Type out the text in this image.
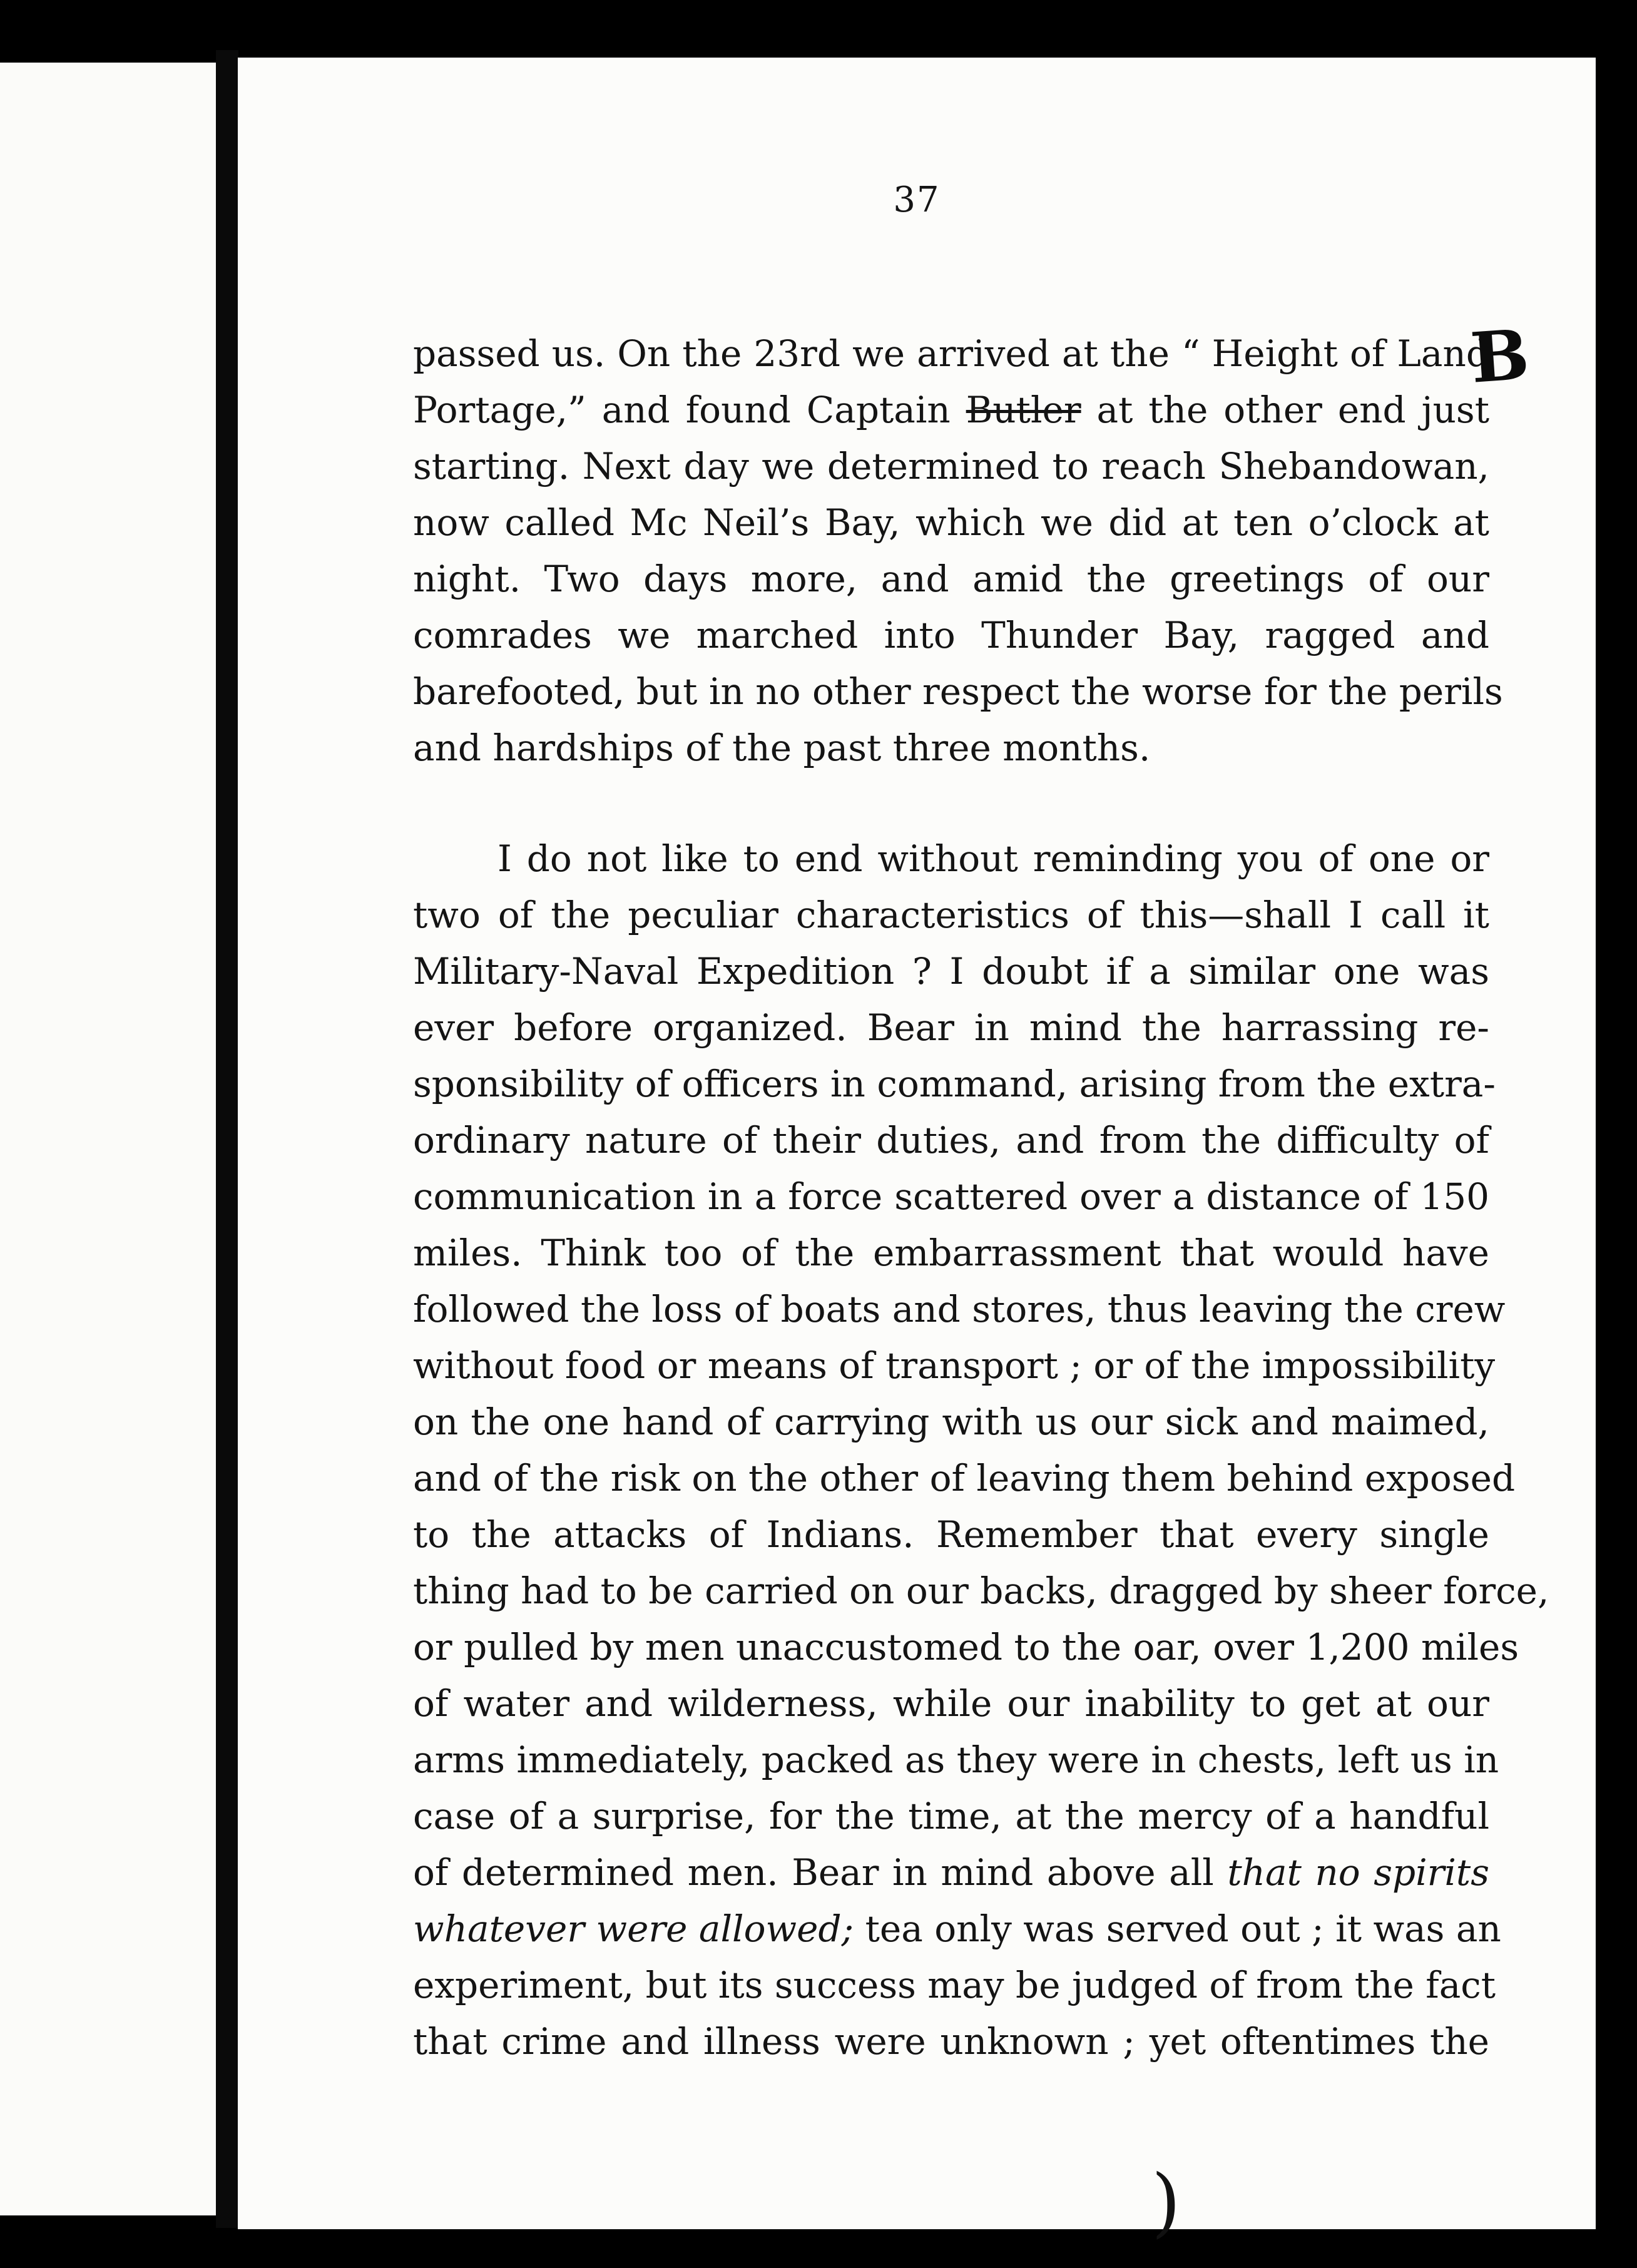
37
passed us. On the 23rd we arrived at the “ Height of Land
Portage,” and found Captain Butler at the other end just
starting. Next day we determined to reach Shebandowan,
now called Mc Neil’s Bay, which we did at ten o’clock at
night. Two days more, and amid the greetings of our
comrades we marched into Thunder Bay, ragged and
barefooted, but in no other respect the worse for the perils
and hardships of the past three months.
I do not like to end without reminding you of one or
two of the peculiar characteristics of this—shall I call it
Military-Naval Expedition ? I doubt if a similar one was
ever before organized. Bear in mind the harrassing re-
sponsibility of officers in command, arising from the extra-
ordinary nature of their duties, and from the difficulty of
communication in a force scattered over a distance of 150
miles. Think too of the embarrassment that would have
followed the loss of boats and stores, thus leaving the crew
without food or means of transport ; or of the impossibility
on the one hand of carrying with us our sick and maimed,
and of the risk on the other of leaving them behind exposed
to the attacks of Indians. Remember that every single
thing had to be carried on our backs, dragged by sheer force,
or pulled by men unaccustomed to the oar, over 1,200 miles
of water and wilderness, while our inability to get at our
arms immediately, packed as they were in chests, left us in
case of a surprise, for the time, at the mercy of a handful
of determined men. Bear in mind above all that no spirits
whatever were allowed; tea only was served out ; it was an
experiment, but its success may be judged of from the fact
that crime and illness were unknown ; yet oftentimes the
B
)
